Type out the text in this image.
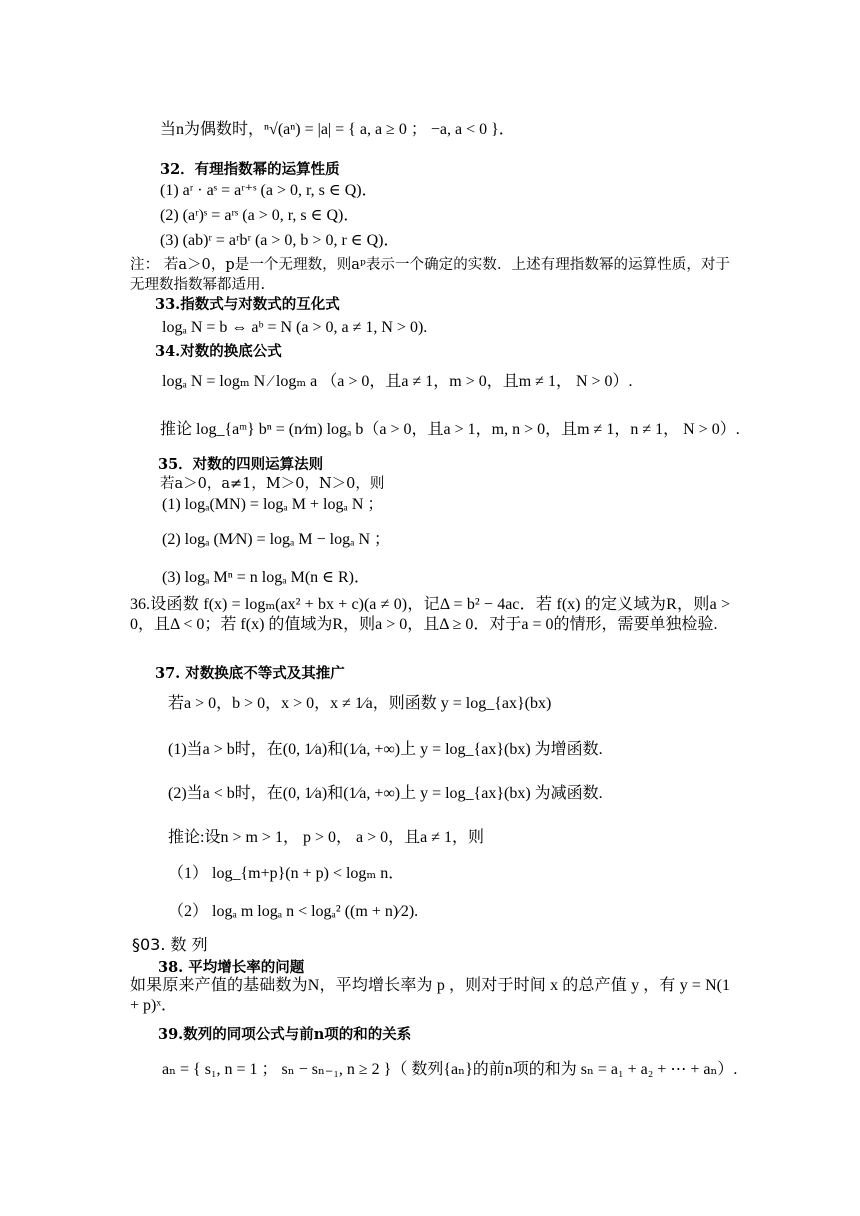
当n为偶数时，ⁿ√(aⁿ) = |a| = { a, a ≥ 0 ； −a, a < 0 }．
32．有理指数幂的运算性质
(1) aʳ · aˢ = aʳ⁺ˢ (a > 0, r, s ∈ Q)．
(2) (aʳ)ˢ = aʳˢ (a > 0, r, s ∈ Q)．
(3) (ab)ʳ = aʳbʳ (a > 0, b > 0, r ∈ Q)．
注： 若a＞0，p是一个无理数，则aᵖ表示一个确定的实数．上述有理指数幂的运算性质，对于无理数指数幂都适用.
33.指数式与对数式的互化式
logₐ N = b ⇔ aᵇ = N (a > 0, a ≠ 1, N > 0).
34.对数的换底公式
logₐ N = logₘ N ⁄ logₘ a （a > 0，且a ≠ 1，m > 0，且m ≠ 1， N > 0）.
推论 log_{aᵐ} bⁿ = (n⁄m) logₐ b（a > 0，且a > 1，m, n > 0，且m ≠ 1，n ≠ 1， N > 0）.
35．对数的四则运算法则
若a＞0，a≠1，M＞0，N＞0，则
(1) logₐ(MN) = logₐ M + logₐ N ；
(2) logₐ (M⁄N) = logₐ M − logₐ N ；
(3) logₐ Mⁿ = n logₐ M(n ∈ R)．
36.设函数 f(x) = logₘ(ax² + bx + c)(a ≠ 0)，记Δ = b² − 4ac．若 f(x) 的定义域为R，则a > 0，且Δ < 0；若 f(x) 的值域为R，则a > 0，且Δ ≥ 0．对于a = 0的情形，需要单独检验.
37. 对数换底不等式及其推广
若a > 0，b > 0，x > 0，x ≠ 1⁄a，则函数 y = log_{ax}(bx)
(1)当a > b时，在(0, 1⁄a)和(1⁄a, +∞)上 y = log_{ax}(bx) 为增函数.
(2)当a < b时，在(0, 1⁄a)和(1⁄a, +∞)上 y = log_{ax}(bx) 为减函数.
推论:设n > m > 1， p > 0， a > 0，且a ≠ 1，则
（1） log_{m+p}(n + p) < logₘ n．
（2） logₐ m logₐ n < logₐ² ((m + n)⁄2).
§03. 数 列
38. 平均增长率的问题
如果原来产值的基础数为N，平均增长率为 p ，则对于时间 x 的总产值 y ，有 y = N(1 + p)ˣ．
39.数列的同项公式与前n项的和的关系
aₙ = { s₁, n = 1 ； sₙ − sₙ₋₁, n ≥ 2 }（ 数列{aₙ}的前n项的和为 sₙ = a₁ + a₂ + ⋯ + aₙ）.
